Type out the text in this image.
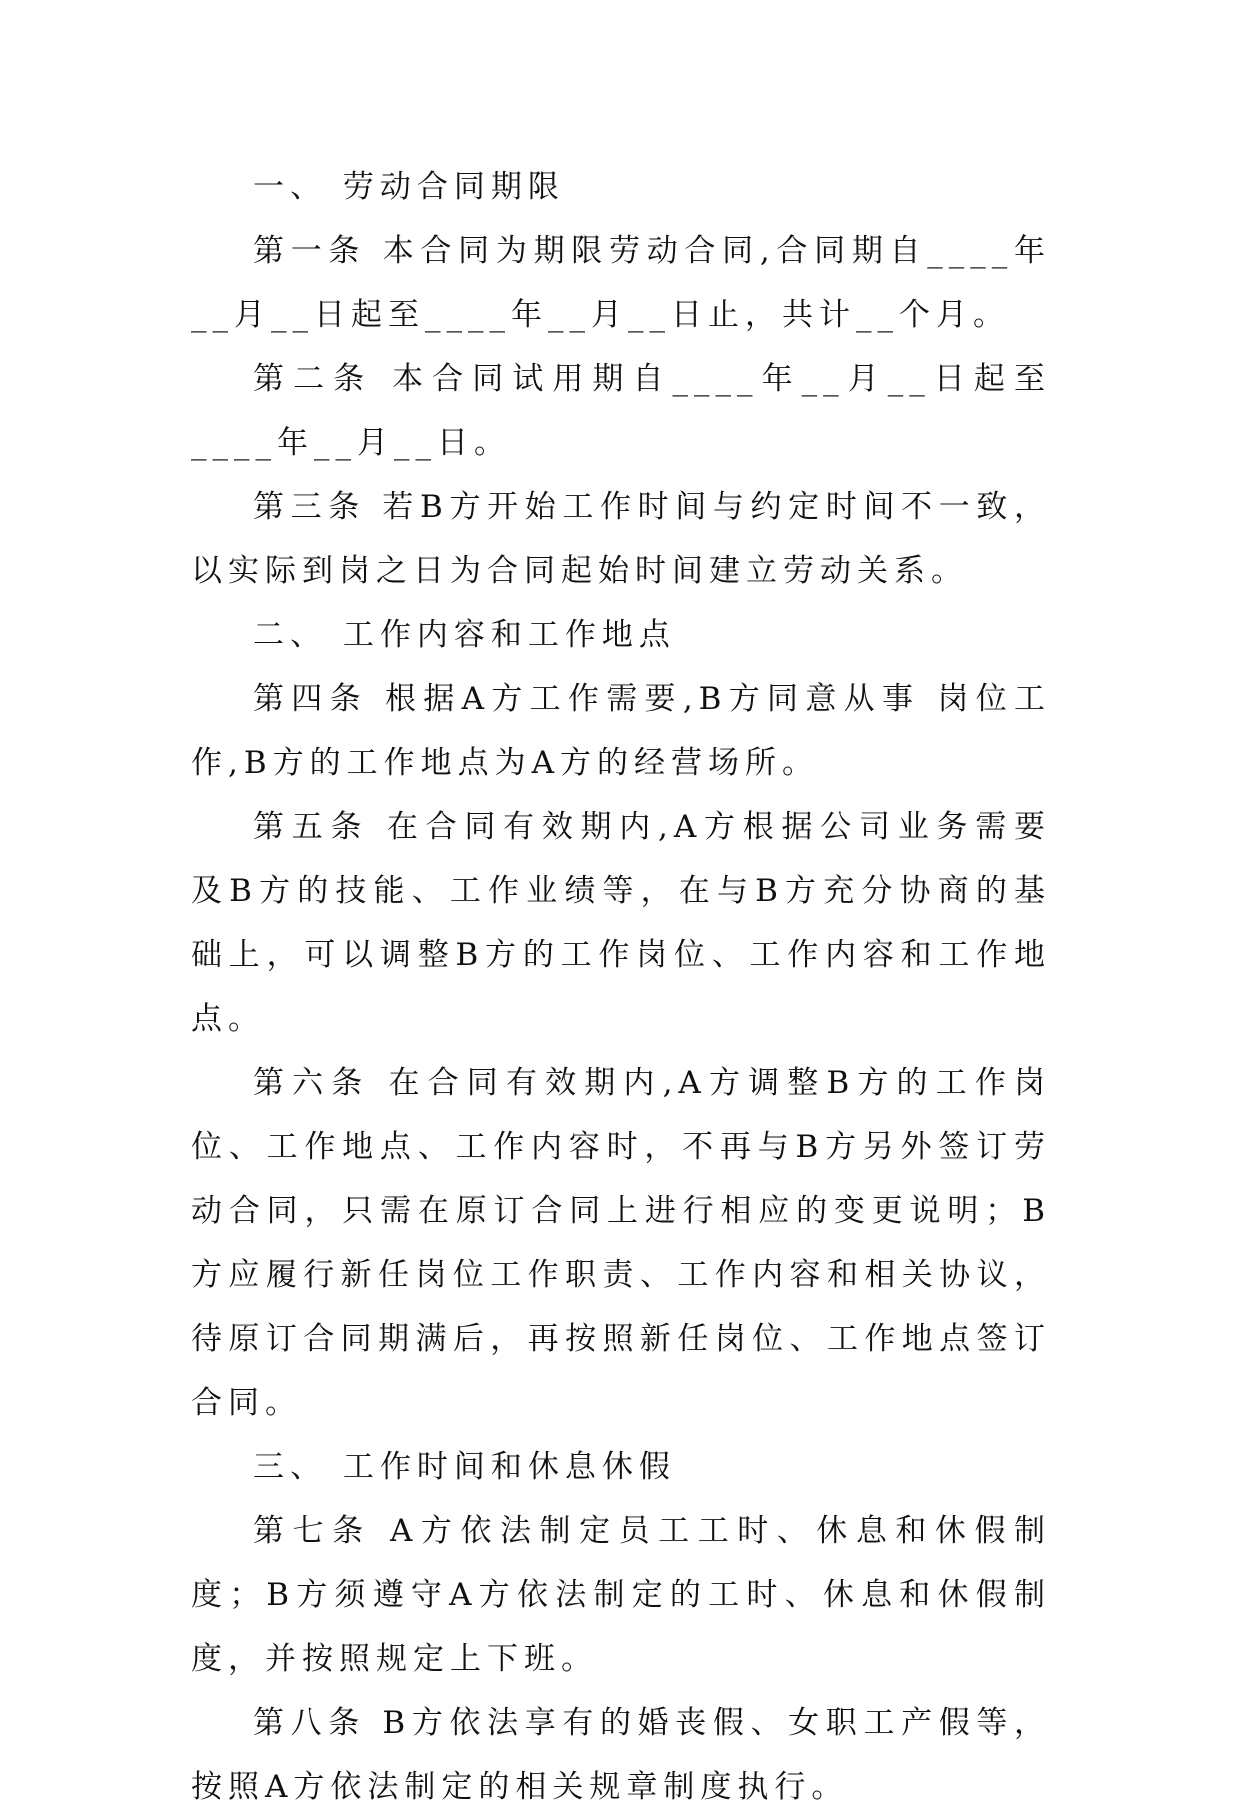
一、 劳动合同期限

第一条 本合同为期限劳动合同,合同期自____年__月__日起至____年__月__日止，共计__个月。

第二条 本合同试用期自____年__月__日起至____年__月__日。

第三条 若B方开始工作时间与约定时间不一致，以实际到岗之日为合同起始时间建立劳动关系。

二、 工作内容和工作地点

第四条 根据A方工作需要,B方同意从事 岗位工作,B方的工作地点为A方的经营场所。

第五条 在合同有效期内,A方根据公司业务需要及B方的技能、工作业绩等，在与B方充分协商的基础上，可以调整B方的工作岗位、工作内容和工作地点。

第六条 在合同有效期内,A方调整B方的工作岗位、工作地点、工作内容时，不再与B方另外签订劳动合同，只需在原订合同上进行相应的变更说明；B方应履行新任岗位工作职责、工作内容和相关协议，待原订合同期满后，再按照新任岗位、工作地点签订合同。

三、 工作时间和休息休假

第七条 A方依法制定员工工时、休息和休假制度；B方须遵守A方依法制定的工时、休息和休假制度，并按照规定上下班。

第八条 B方依法享有的婚丧假、女职工产假等，按照A方依法制定的相关规章制度执行。
